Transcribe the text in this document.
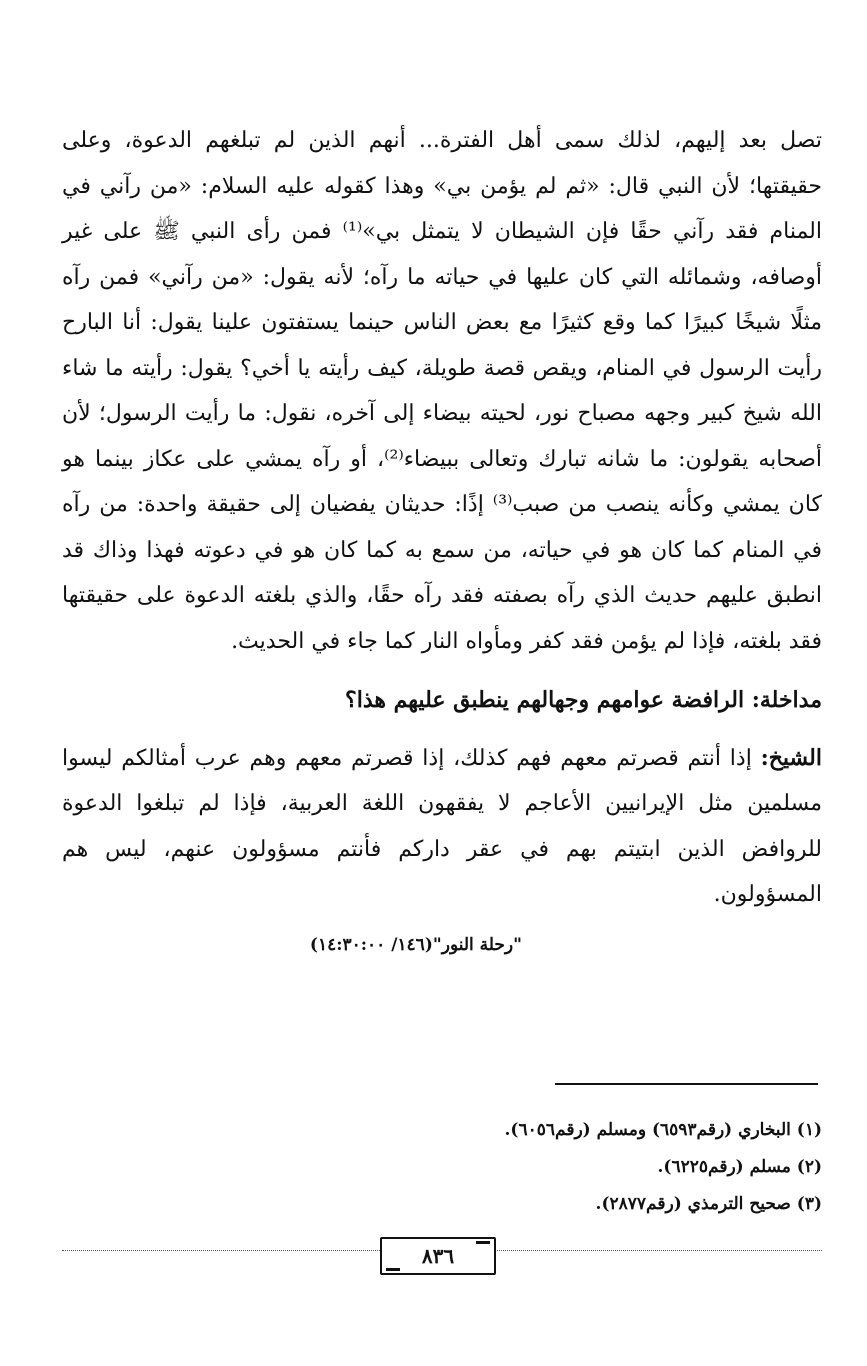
تصل بعد إليهم، لذلك سمى أهل الفترة... أنهم الذين لم تبلغهم الدعوة، وعلى حقيقتها؛ لأن النبي قال: «ثم لم يؤمن بي» وهذا كقوله عليه السلام: «من رآني في المنام فقد رآني حقًا فإن الشيطان لا يتمثل بي»⁽¹⁾ فمن رأى النبي ﷺ على غير أوصافه، وشمائله التي كان عليها في حياته ما رآه؛ لأنه يقول: «من رآني» فمن رآه مثلًا شيخًا كبيرًا كما وقع كثيرًا مع بعض الناس حينما يستفتون علينا يقول: أنا البارح رأيت الرسول في المنام، ويقص قصة طويلة، كيف رأيته يا أخي؟ يقول: رأيته ما شاء الله شيخ كبير وجهه مصباح نور، لحيته بيضاء إلى آخره، نقول: ما رأيت الرسول؛ لأن أصحابه يقولون: ما شانه تبارك وتعالى ببيضاء⁽²⁾، أو رآه يمشي على عكاز بينما هو كان يمشي وكأنه ينصب من صبب⁽³⁾ إذًا: حديثان يفضيان إلى حقيقة واحدة: من رآه في المنام كما كان هو في حياته، من سمع به كما كان هو في دعوته فهذا وذاك قد انطبق عليهم حديث الذي رآه بصفته فقد رآه حقًا، والذي بلغته الدعوة على حقيقتها فقد بلغته، فإذا لم يؤمن فقد كفر ومأواه النار كما جاء في الحديث.

مداخلة: الرافضة عوامهم وجهالهم ينطبق عليهم هذا؟

الشيخ: إذا أنتم قصرتم معهم فهم كذلك، إذا قصرتم معهم وهم عرب أمثالكم ليسوا مسلمين مثل الإيرانيين الأعاجم لا يفقهون اللغة العربية، فإذا لم تبلغوا الدعوة للروافض الذين ابتيتم بهم في عقر داركم فأنتم مسؤولون عنهم، ليس هم المسؤولون.

"رحلة النور"(١٤٦/ ١٤:٣٠:٠٠)

(١) البخاري (رقم٦٥٩٣) ومسلم (رقم٦٠٥٦).

(٢) مسلم (رقم٦٢٢٥).

(٣) صحيح الترمذي (رقم٢٨٧٧).

٨٣٦
